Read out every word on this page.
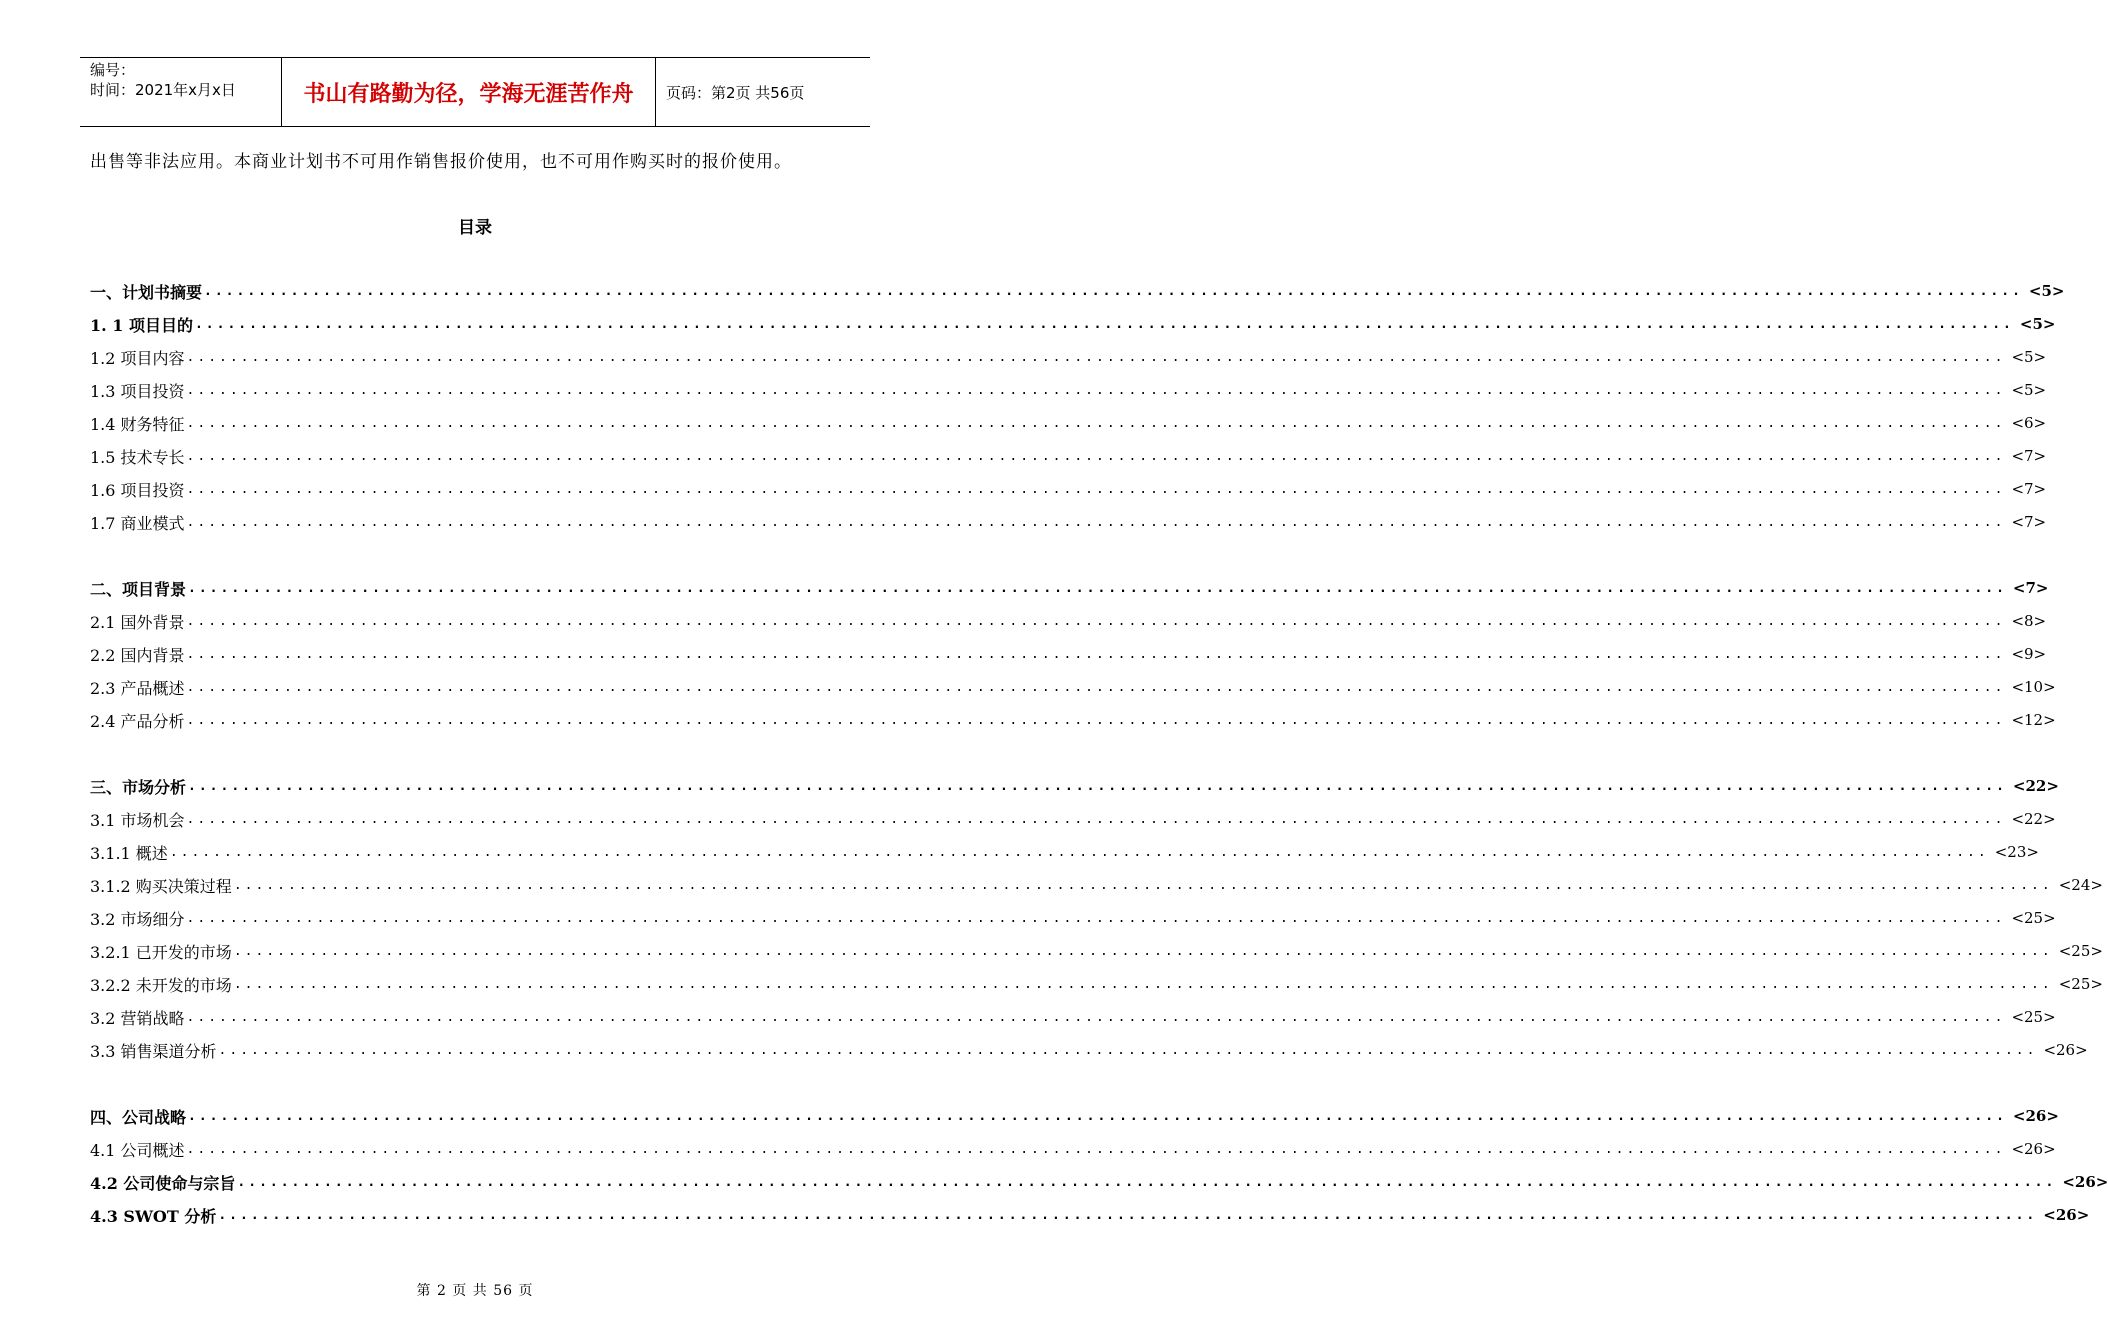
编号：
时间：2021年x月x日	书山有路勤为径，学海无涯苦作舟	页码：第2页 共56页
出售等非法应用。本商业计划书不可用作销售报价使用，也不可用作购买时的报价使用。
目录
一、计划书摘要 ........................................................................................................................................................................ <5>
1. 1 项目目的 ........................................................................................................................................................................ <5>
1.2 项目内容 ........................................................................................................................................................................ <5>
1.3 项目投资 ........................................................................................................................................................................ <5>
1.4 财务特征 ........................................................................................................................................................................ <6>
1.5 技术专长 ........................................................................................................................................................................ <7>
1.6 项目投资 ........................................................................................................................................................................ <7>
1.7 商业模式 ........................................................................................................................................................................ <7>
二、项目背景 ........................................................................................................................................................................ <7>
2.1 国外背景 ........................................................................................................................................................................ <8>
2.2 国内背景 ........................................................................................................................................................................ <9>
2.3 产品概述 ........................................................................................................................................................................ <10>
2.4 产品分析 ........................................................................................................................................................................ <12>
三、市场分析 ........................................................................................................................................................................ <22>
3.1 市场机会 ........................................................................................................................................................................ <22>
3.1.1 概述 ........................................................................................................................................................................ <23>
3.1.2 购买决策过程 ........................................................................................................................................................................ <24>
3.2 市场细分 ........................................................................................................................................................................ <25>
3.2.1 已开发的市场 ........................................................................................................................................................................ <25>
3.2.2 未开发的市场 ........................................................................................................................................................................ <25>
3.2 营销战略 ........................................................................................................................................................................ <25>
3.3 销售渠道分析 ........................................................................................................................................................................ <26>
四、公司战略 ........................................................................................................................................................................ <26>
4.1 公司概述 ........................................................................................................................................................................ <26>
4.2 公司使命与宗旨 ........................................................................................................................................................................ <26>
4.3 SWOT 分析 ........................................................................................................................................................................ <26>
第 2 页 共 56 页
